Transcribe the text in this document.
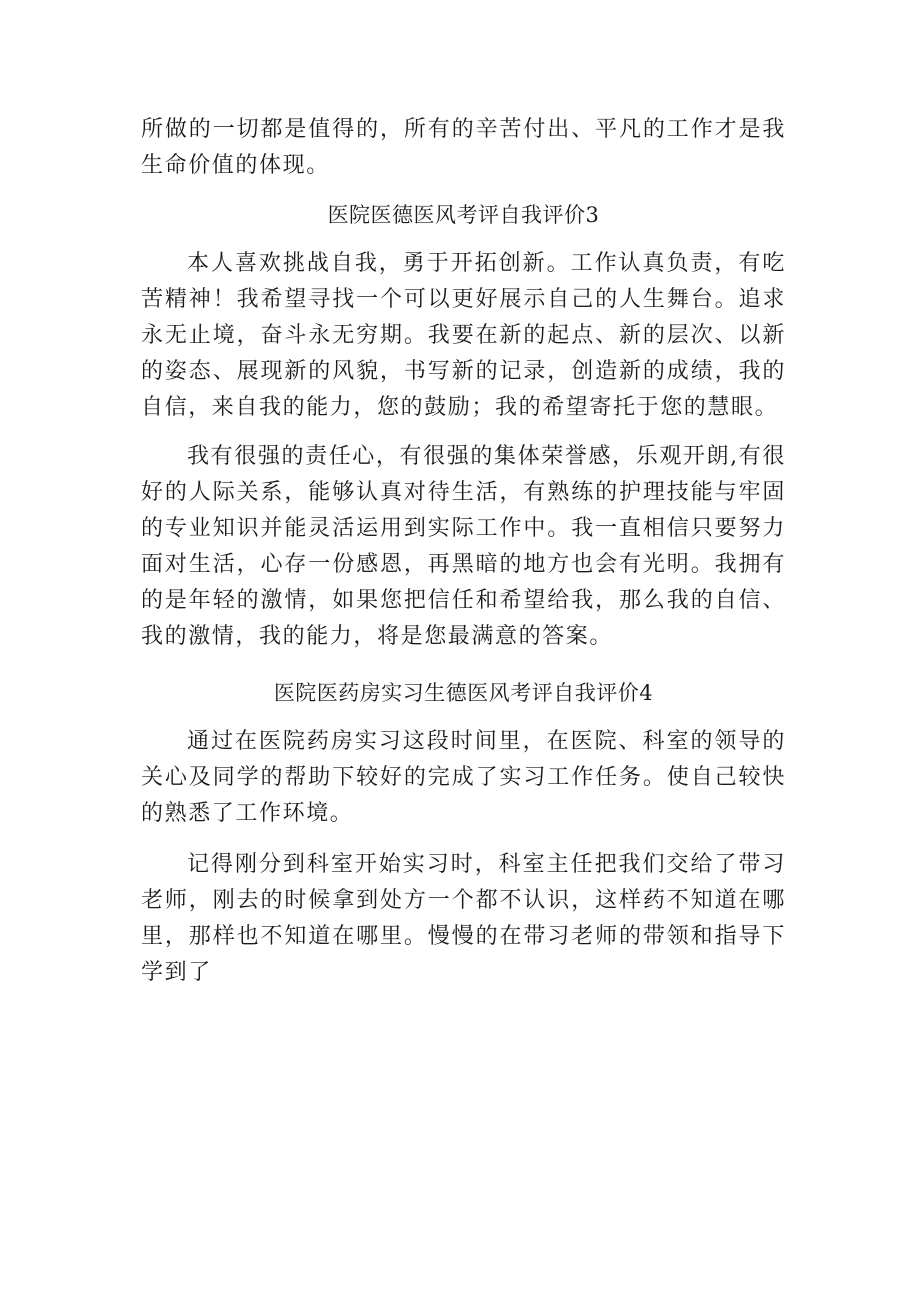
所做的一切都是值得的，所有的辛苦付出、平凡的工作才是我生命价值的体现。

医院医德医风考评自我评价3

本人喜欢挑战自我，勇于开拓创新。工作认真负责，有吃苦精神！我希望寻找一个可以更好展示自己的人生舞台。追求永无止境，奋斗永无穷期。我要在新的起点、新的层次、以新的姿态、展现新的风貌，书写新的记录，创造新的成绩，我的自信，来自我的能力，您的鼓励；我的希望寄托于您的慧眼。

我有很强的责任心，有很强的集体荣誉感，乐观开朗,有很好的人际关系，能够认真对待生活，有熟练的护理技能与牢固的专业知识并能灵活运用到实际工作中。我一直相信只要努力面对生活，心存一份感恩，再黑暗的地方也会有光明。我拥有的是年轻的激情，如果您把信任和希望给我，那么我的自信、我的激情，我的能力，将是您最满意的答案。

医院医药房实习生德医风考评自我评价4

通过在医院药房实习这段时间里，在医院、科室的领导的关心及同学的帮助下较好的完成了实习工作任务。使自己较快的熟悉了工作环境。

记得刚分到科室开始实习时，科室主任把我们交给了带习老师，刚去的时候拿到处方一个都不认识，这样药不知道在哪里，那样也不知道在哪里。慢慢的在带习老师的带领和指导下学到了
